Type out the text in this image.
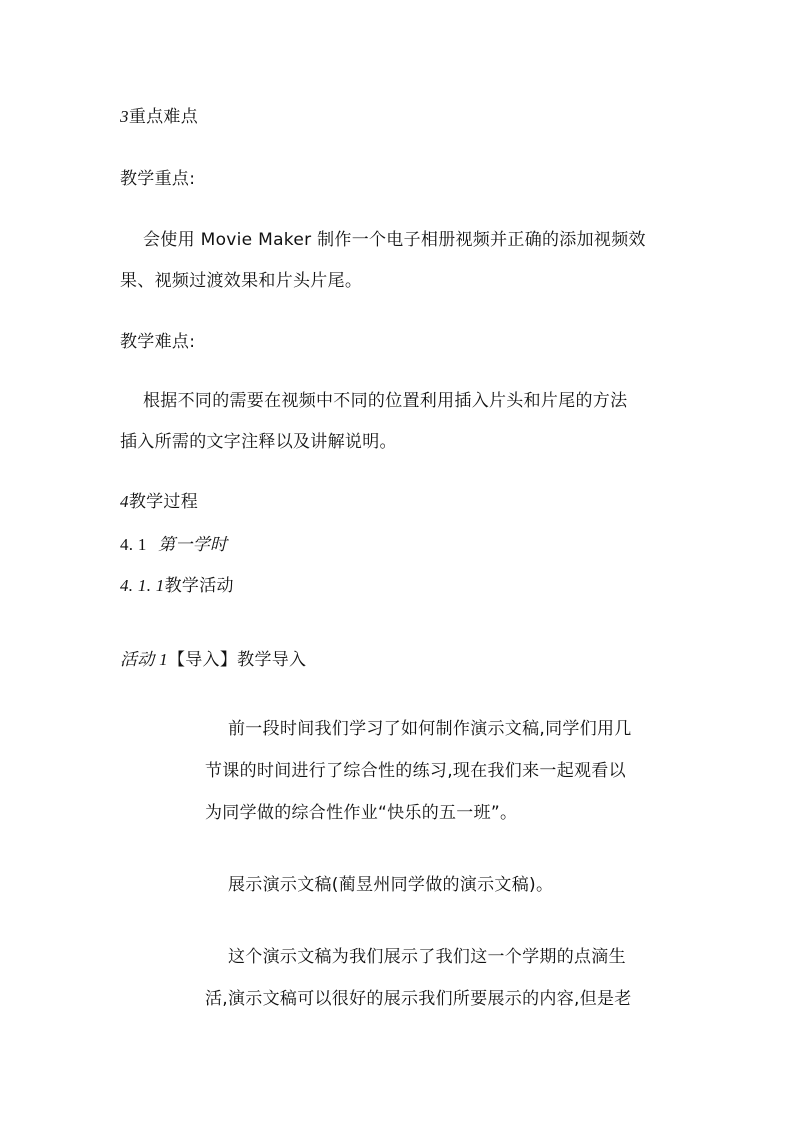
3重点难点
教学重点:
会使用 Movie Maker 制作一个电子相册视频并正确的添加视频效
果、视频过渡效果和片头片尾。
教学难点:
根据不同的需要在视频中不同的位置利用插入片头和片尾的方法
插入所需的文字注释以及讲解说明。
4教学过程
4. 1 第一学时
4. 1. 1教学活动
活动 1【导入】教学导入
前一段时间我们学习了如何制作演示文稿,同学们用几
节课的时间进行了综合性的练习,现在我们来一起观看以
为同学做的综合性作业“快乐的五一班”。
展示演示文稿(蔺昱州同学做的演示文稿)。
这个演示文稿为我们展示了我们这一个学期的点滴生
活,演示文稿可以很好的展示我们所要展示的内容,但是老
